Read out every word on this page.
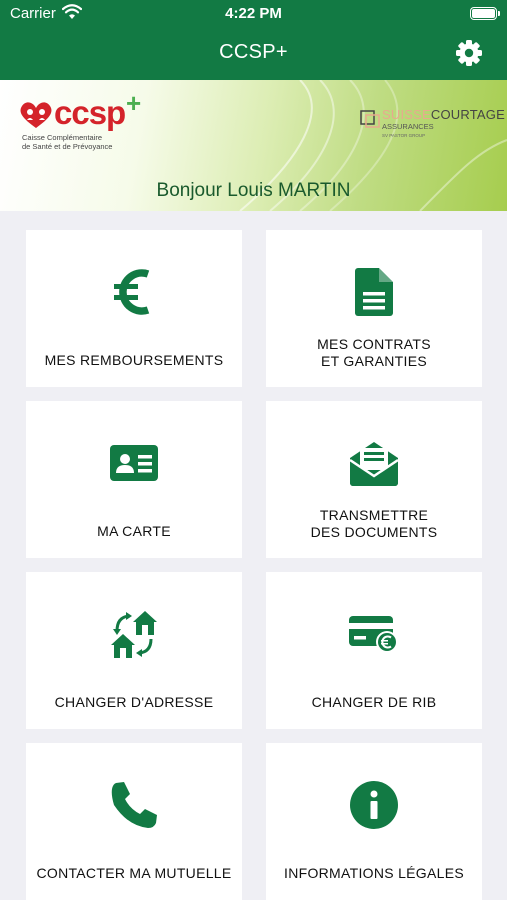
Carrier	4:22 PM
CCSP+
ccsp +
Caisse Complémentaire
de Santé et de Prévoyance
SUISSECOURTAGE
ASSURANCES
SV PASTOR GROUP
Bonjour Louis MARTIN
MES REMBOURSEMENTS
MES CONTRATS
ET GARANTIES
MA CARTE
TRANSMETTRE
DES DOCUMENTS
CHANGER D'ADRESSE	CHANGER DE RIB
CONTACTER MA MUTUELLE	INFORMATIONS LÉGALES
